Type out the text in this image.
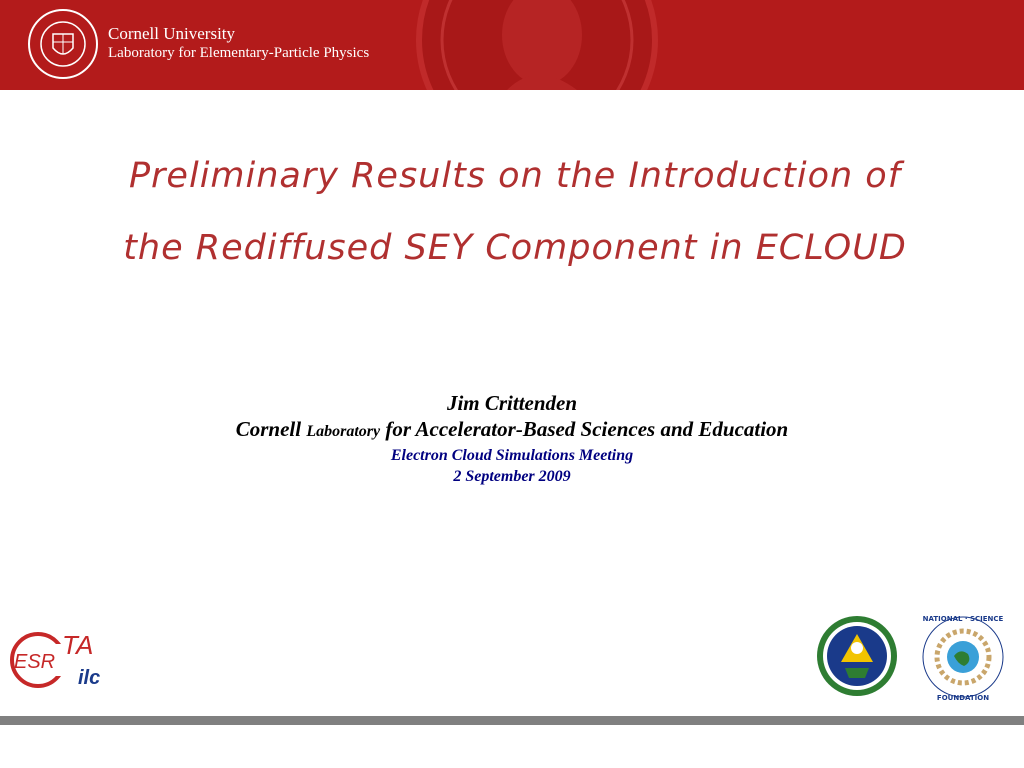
Cornell University
Laboratory for Elementary-Particle Physics
Preliminary Results on the Introduction of
the Rediffused SEY Component in ECLOUD
Jim Crittenden
Cornell Laboratory for Accelerator-Based Sciences and Education
Electron Cloud Simulations Meeting
2 September 2009
ESR
TA
ilc
NATIONAL · SCIENCE
FOUNDATION
